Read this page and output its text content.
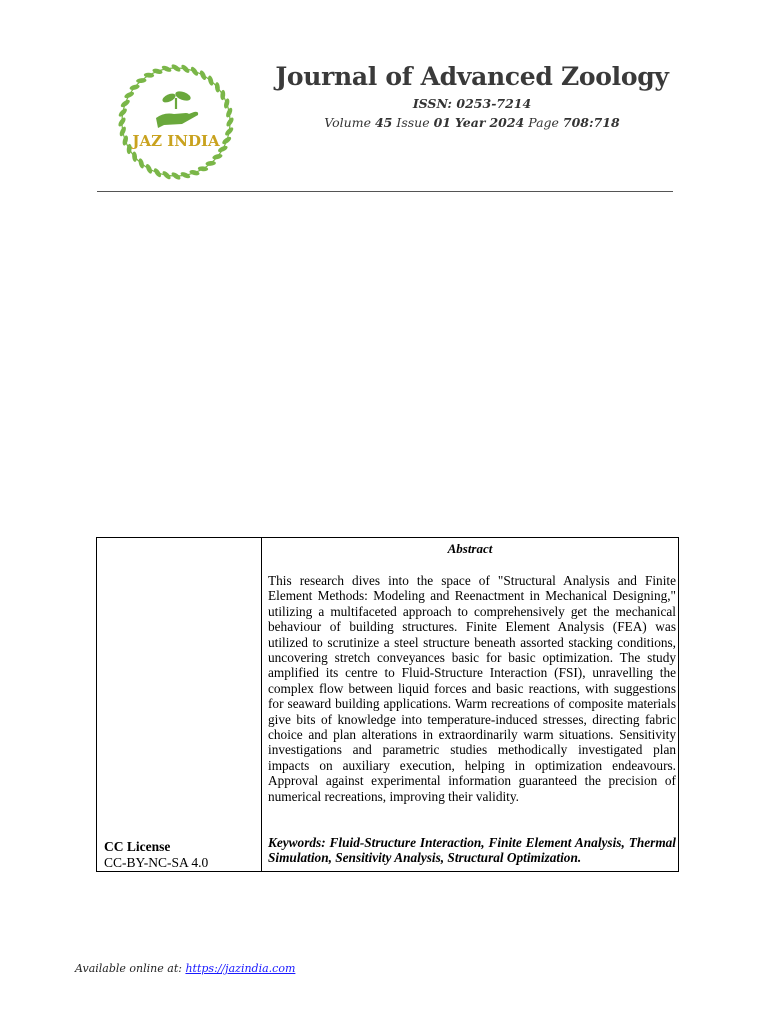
JAZ INDIA
Journal of Advanced Zoology
ISSN: 0253-7214
Volume 45 Issue 01 Year 2024 Page 708:718
CC License
CC-BY-NC-SA 4.0
Abstract

This research dives into the space of "Structural Analysis and Finite Element Methods: Modeling and Reenactment in Mechanical Designing," utilizing a multifaceted approach to comprehensively get the mechanical behaviour of building structures. Finite Element Analysis (FEA) was utilized to scrutinize a steel structure beneath assorted stacking conditions, uncovering stretch conveyances basic for basic optimization. The study amplified its centre to Fluid-Structure Interaction (FSI), unravelling the complex flow between liquid forces and basic reactions, with suggestions for seaward building applications. Warm recreations of composite materials give bits of knowledge into temperature-induced stresses, directing fabric choice and plan alterations in extraordinarily warm situations. Sensitivity investigations and parametric studies methodically investigated plan impacts on auxiliary execution, helping in optimization endeavours. Approval against experimental information guaranteed the precision of numerical recreations, improving their validity.

Keywords: Fluid-Structure Interaction, Finite Element Analysis, Thermal Simulation, Sensitivity Analysis, Structural Optimization.

Available online at: https://jazindia.com
